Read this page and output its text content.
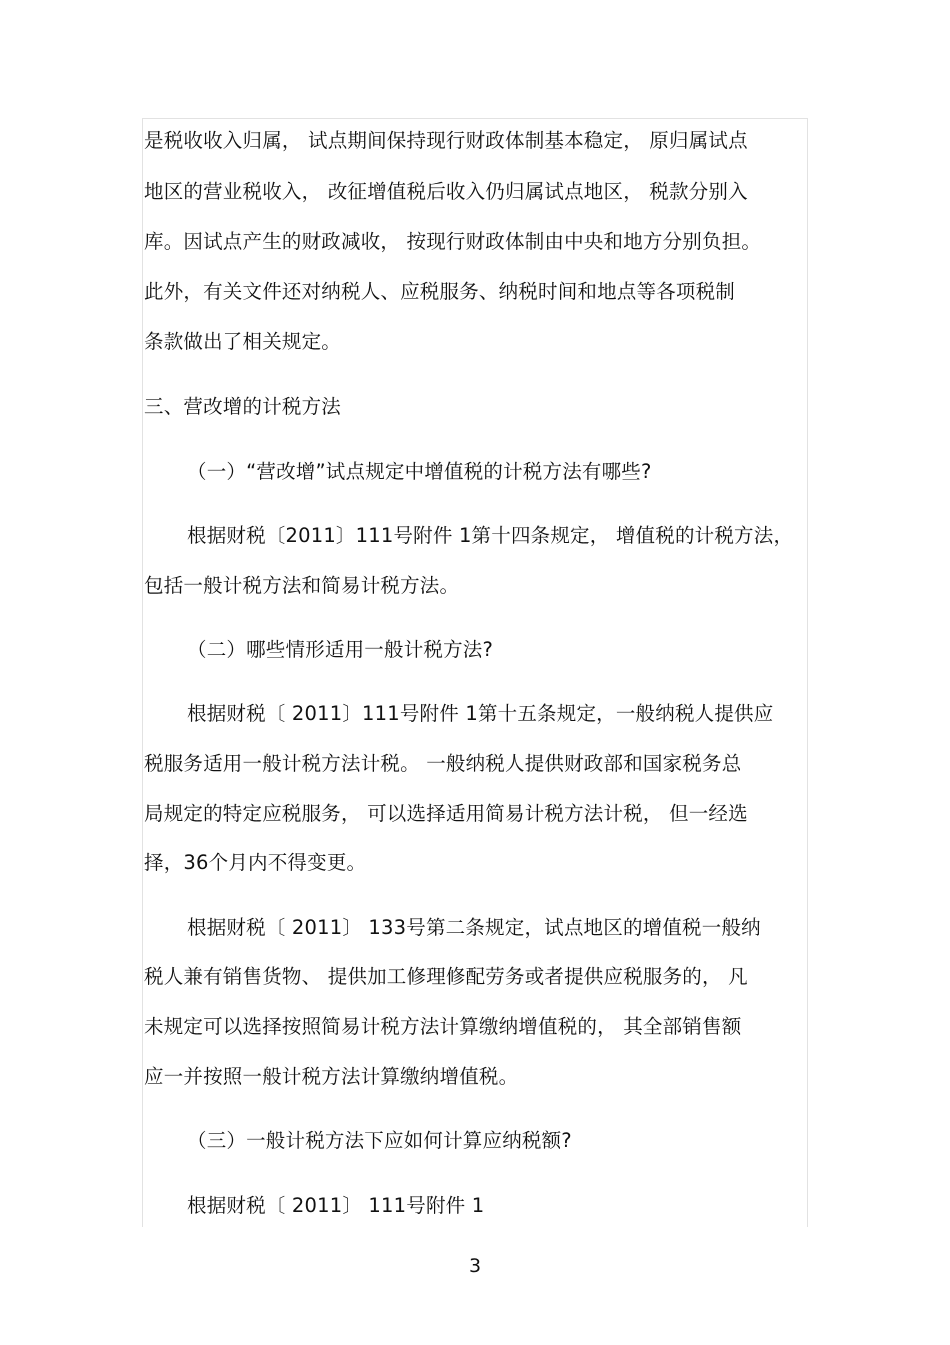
是税收收入归属， 试点期间保持现行财政体制基本稳定， 原归属试点
地区的营业税收入， 改征增值税后收入仍归属试点地区， 税款分别入
库。因试点产生的财政减收， 按现行财政体制由中央和地方分别负担。
此外，有关文件还对纳税人、应税服务、纳税时间和地点等各项税制
条款做出了相关规定。
三、营改增的计税方法
（一）“营改增”试点规定中增值税的计税方法有哪些?
根据财税〔2011〕111号附件 1第十四条规定， 增值税的计税方法，
包括一般计税方法和简易计税方法。
（二）哪些情形适用一般计税方法?
根据财税〔 2011〕111号附件 1第十五条规定，一般纳税人提供应
税服务适用一般计税方法计税。 一般纳税人提供财政部和国家税务总
局规定的特定应税服务， 可以选择适用简易计税方法计税， 但一经选
择，36个月内不得变更。
根据财税〔 2011〕 133号第二条规定，试点地区的增值税一般纳
税人兼有销售货物、 提供加工修理修配劳务或者提供应税服务的， 凡
未规定可以选择按照简易计税方法计算缴纳增值税的， 其全部销售额
应一并按照一般计税方法计算缴纳增值税。
（三）一般计税方法下应如何计算应纳税额?
根据财税〔 2011〕 111号附件 1
3
